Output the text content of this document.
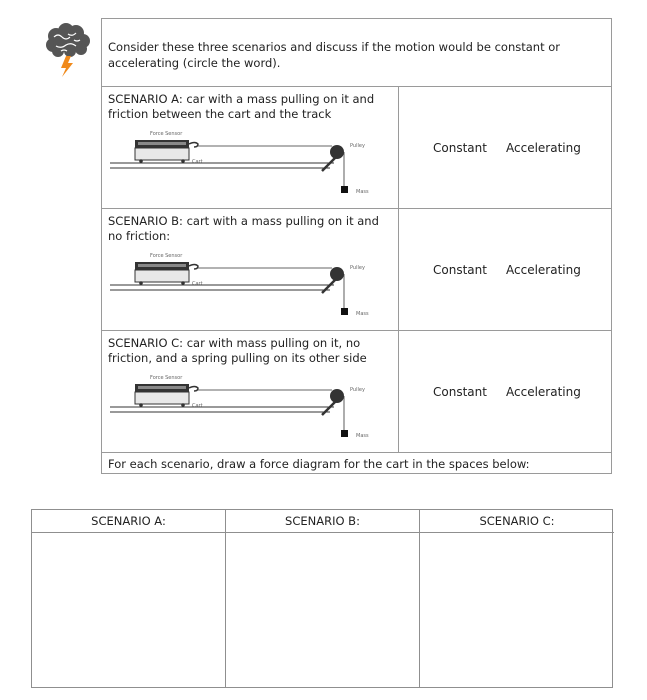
Consider these three scenarios and discuss if the motion would be constant or accelerating (circle the word).
SCENARIO A: car with a mass pulling on it and friction between the cart and the track
Force Sensor
Cart
Pulley
Mass
Constant Accelerating
SCENARIO B: cart with a mass pulling on it and no friction:
Force Sensor
Cart
Pulley
Mass
Constant Accelerating
SCENARIO C: car with mass pulling on it, no friction, and a spring pulling on its other side
Force Sensor
Cart
Pulley
Mass
Constant Accelerating
For each scenario, draw a force diagram for the cart in the spaces below:
SCENARIO A:	SCENARIO B:	SCENARIO C:
